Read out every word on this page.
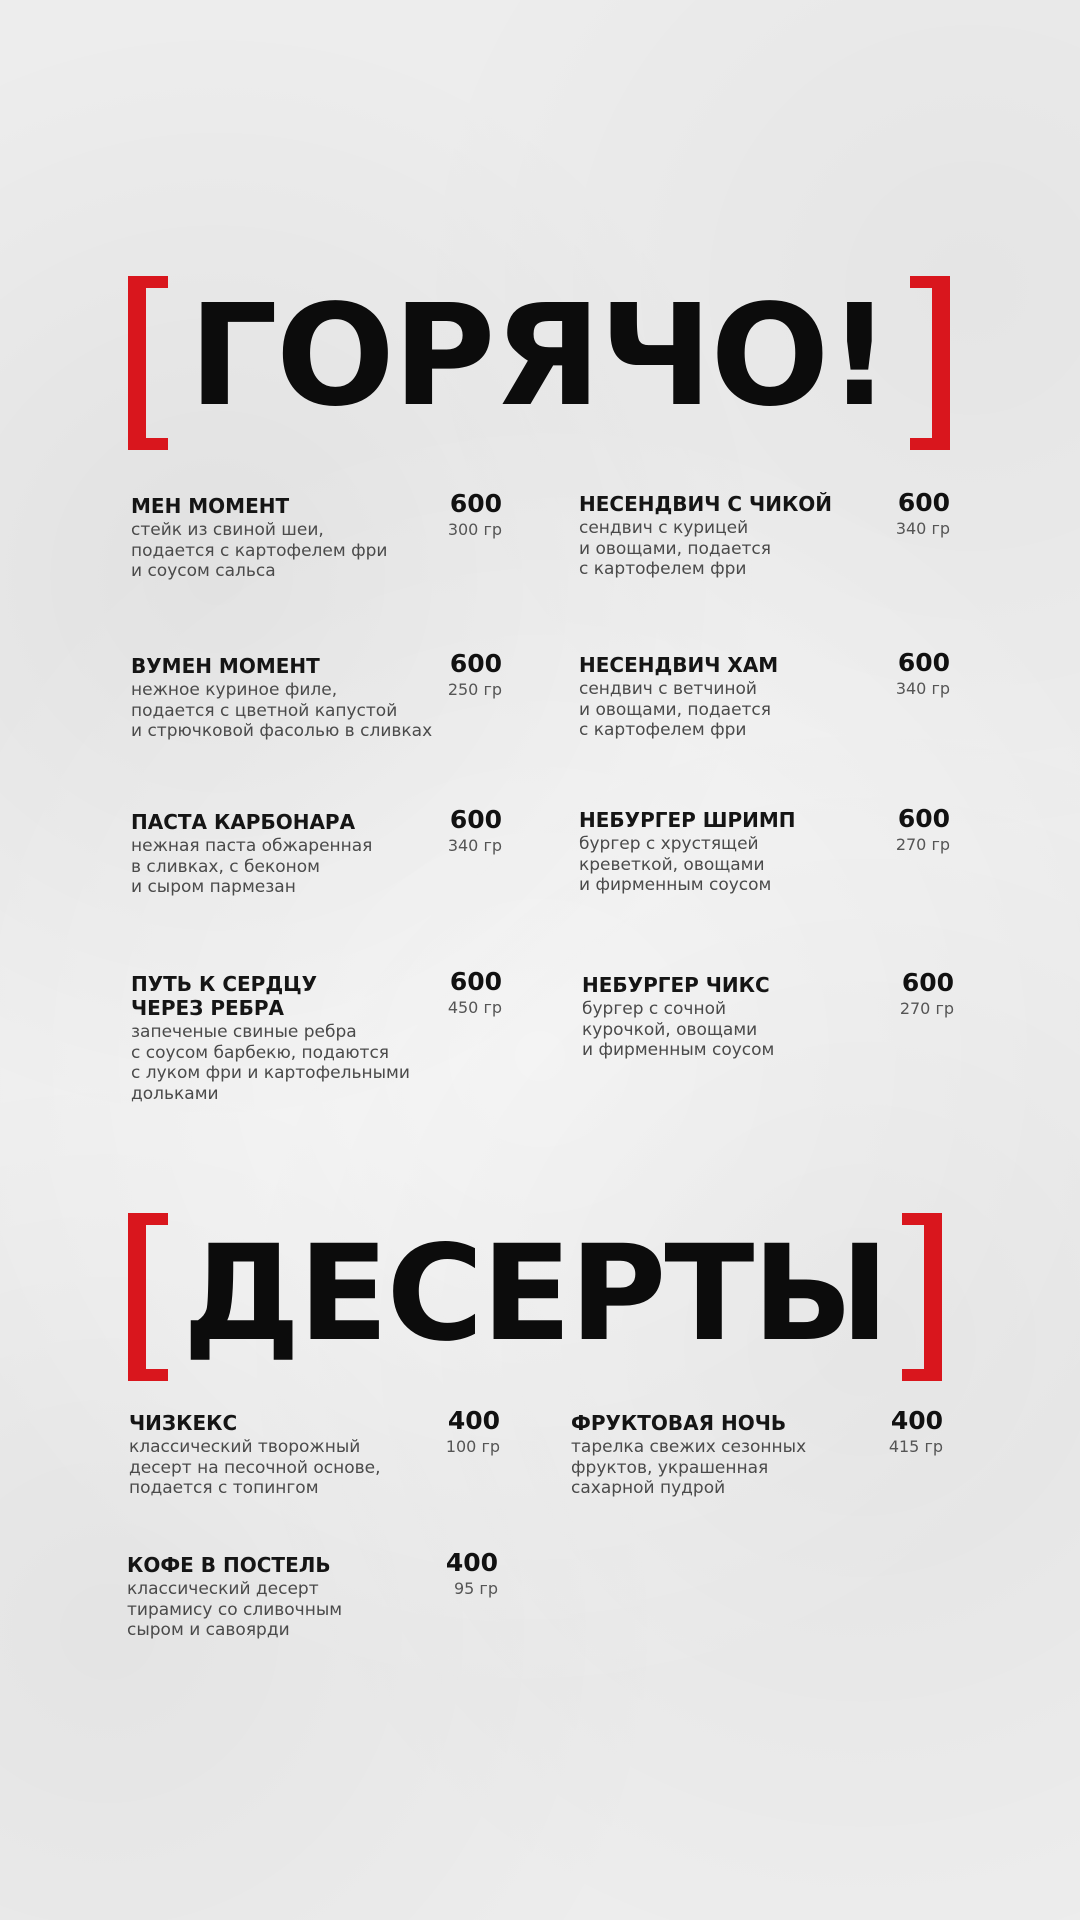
ГОРЯЧО!
ДЕСЕРТЫ
МЕН МОМЕНТ
стейк из свиной шеи,
подается с картофелем фри
и соусом сальса
600
300 гр
НЕСЕНДВИЧ С ЧИКОЙ
сендвич с курицей
и овощами, подается
с картофелем фри
600
340 гр
ВУМЕН МОМЕНТ
нежное куриное филе,
подается с цветной капустой
и стрючковой фасолью в сливках
600
250 гр
НЕСЕНДВИЧ ХАМ
сендвич с ветчиной
и овощами, подается
с картофелем фри
600
340 гр
ПАСТА КАРБОНАРА
нежная паста обжаренная
в сливках, с беконом
и сыром пармезан
600
340 гр
НЕБУРГЕР ШРИМП
бургер с хрустящей
креветкой, овощами
и фирменным соусом
600
270 гр
ПУТЬ К СЕРДЦУ
ЧЕРЕЗ РЕБРА
запеченые свиные ребра
с соусом барбекю, подаются
с луком фри и картофельными
дольками
600
450 гр
НЕБУРГЕР ЧИКС
бургер с сочной
курочкой, овощами
и фирменным соусом
600
270 гр
ЧИЗКЕКС
классический творожный
десерт на песочной основе,
подается с топингом
400
100 гр
ФРУКТОВАЯ НОЧЬ
тарелка свежих сезонных
фруктов, украшенная
сахарной пудрой
400
415 гр
КОФЕ В ПОСТЕЛЬ
классический десерт
тирамису со сливочным
сыром и савоярди
400
95 гр
